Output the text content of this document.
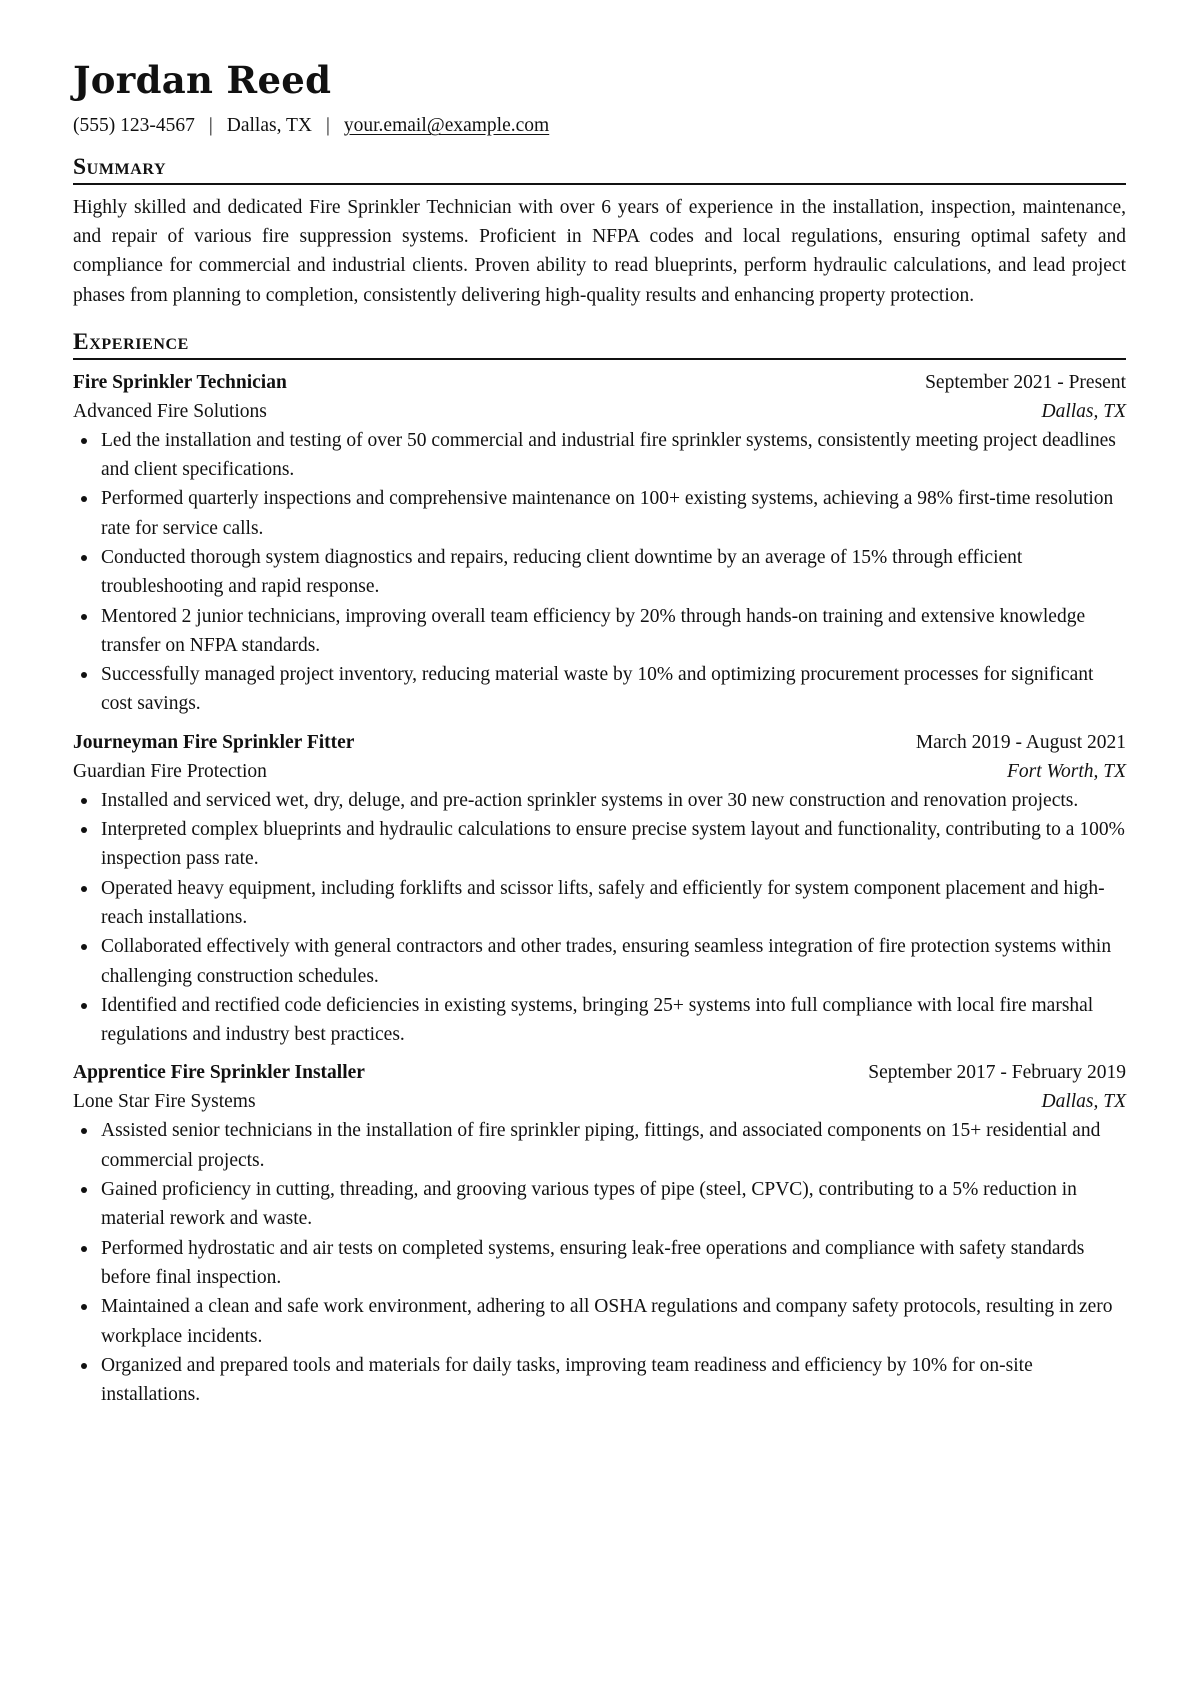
Jordan Reed
(555) 123-4567 | Dallas, TX | your.email@example.com
Summary

Highly skilled and dedicated Fire Sprinkler Technician with over 6 years of experience in the installation, inspection, maintenance, and repair of various fire suppression systems. Proficient in NFPA codes and local regulations, ensuring optimal safety and compliance for commercial and industrial clients. Proven ability to read blueprints, perform hydraulic calculations, and lead project phases from planning to completion, consistently delivering high-quality results and enhancing property protection.

Experience
Fire Sprinkler Technician	September 2021 - Present
Advanced Fire Solutions	Dallas, TX
Led the installation and testing of over 50 commercial and industrial fire sprinkler systems, consistently meeting project deadlines and client specifications.
Performed quarterly inspections and comprehensive maintenance on 100+ existing systems, achieving a 98% first-time resolution rate for service calls.
Conducted thorough system diagnostics and repairs, reducing client downtime by an average of 15% through efficient troubleshooting and rapid response.
Mentored 2 junior technicians, improving overall team efficiency by 20% through hands-on training and extensive knowledge transfer on NFPA standards.
Successfully managed project inventory, reducing material waste by 10% and optimizing procurement processes for significant cost savings.
Journeyman Fire Sprinkler Fitter	March 2019 - August 2021
Guardian Fire Protection	Fort Worth, TX
Installed and serviced wet, dry, deluge, and pre-action sprinkler systems in over 30 new construction and renovation projects.
Interpreted complex blueprints and hydraulic calculations to ensure precise system layout and functionality, contributing to a 100% inspection pass rate.
Operated heavy equipment, including forklifts and scissor lifts, safely and efficiently for system component placement and high-reach installations.
Collaborated effectively with general contractors and other trades, ensuring seamless integration of fire protection systems within challenging construction schedules.
Identified and rectified code deficiencies in existing systems, bringing 25+ systems into full compliance with local fire marshal regulations and industry best practices.
Apprentice Fire Sprinkler Installer	September 2017 - February 2019
Lone Star Fire Systems	Dallas, TX
Assisted senior technicians in the installation of fire sprinkler piping, fittings, and associated components on 15+ residential and commercial projects.
Gained proficiency in cutting, threading, and grooving various types of pipe (steel, CPVC), contributing to a 5% reduction in material rework and waste.
Performed hydrostatic and air tests on completed systems, ensuring leak-free operations and compliance with safety standards before final inspection.
Maintained a clean and safe work environment, adhering to all OSHA regulations and company safety protocols, resulting in zero workplace incidents.
Organized and prepared tools and materials for daily tasks, improving team readiness and efficiency by 10% for on-site installations.
